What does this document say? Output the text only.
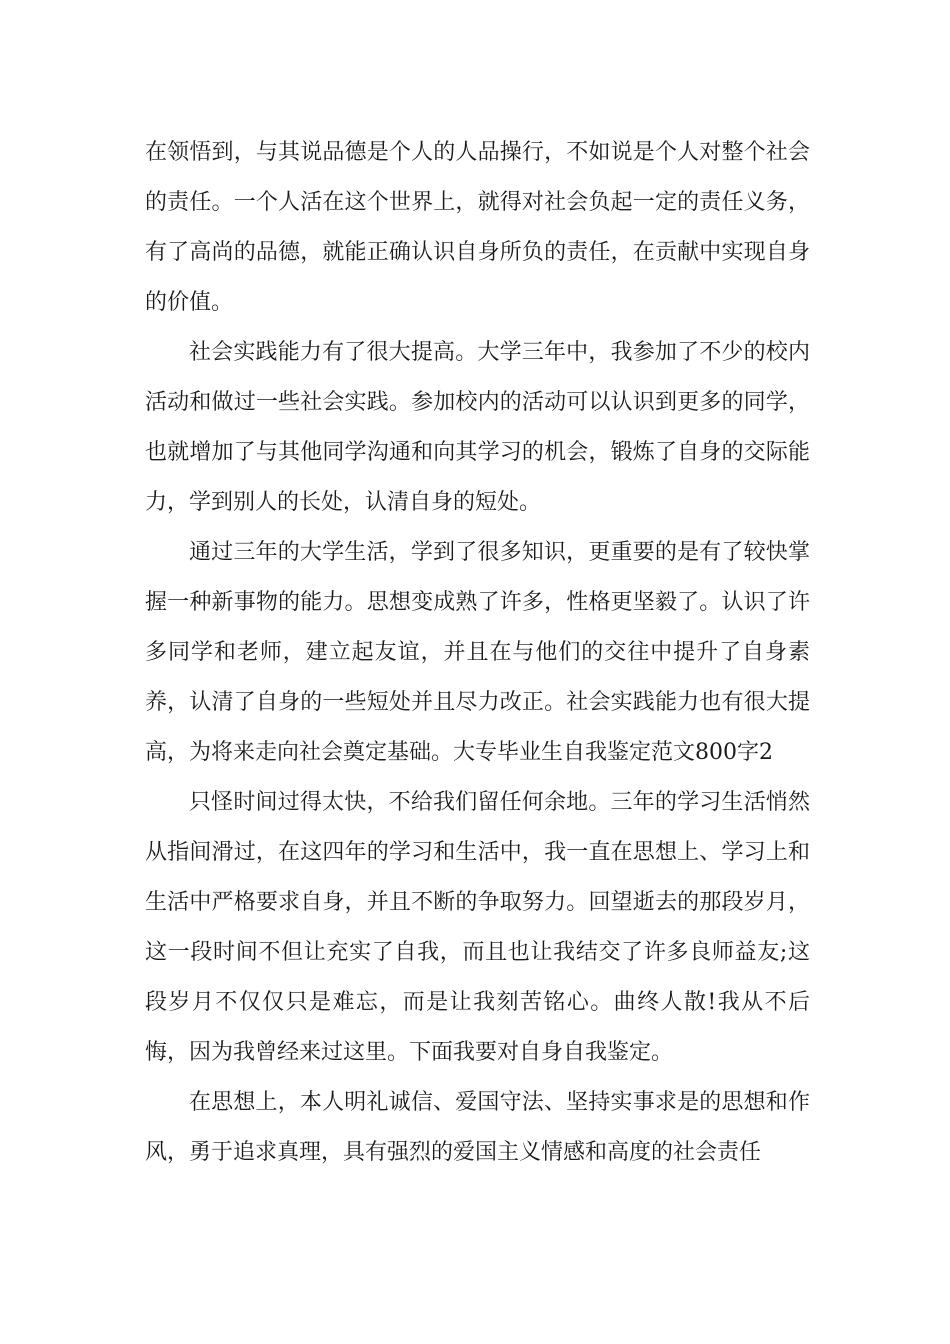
在领悟到，与其说品德是个人的人品操行，不如说是个人对整个社会的责任。一个人活在这个世界上，就得对社会负起一定的责任义务，有了高尚的品德，就能正确认识自身所负的责任，在贡献中实现自身的价值。

社会实践能力有了很大提高。大学三年中，我参加了不少的校内活动和做过一些社会实践。参加校内的活动可以认识到更多的同学，也就增加了与其他同学沟通和向其学习的机会，锻炼了自身的交际能力，学到别人的长处，认清自身的短处。

通过三年的大学生活，学到了很多知识，更重要的是有了较快掌握一种新事物的能力。思想变成熟了许多，性格更坚毅了。认识了许多同学和老师，建立起友谊，并且在与他们的交往中提升了自身素养，认清了自身的一些短处并且尽力改正。社会实践能力也有很大提高，为将来走向社会奠定基础。大专毕业生自我鉴定范文800字2

只怪时间过得太快，不给我们留任何余地。三年的学习生活悄然从指间滑过，在这四年的学习和生活中，我一直在思想上、学习上和生活中严格要求自身，并且不断的争取努力。回望逝去的那段岁月，这一段时间不但让充实了自我，而且也让我结交了许多良师益友;这段岁月不仅仅只是难忘，而是让我刻苦铭心。曲终人散!我从不后悔，因为我曾经来过这里。下面我要对自身自我鉴定。

在思想上，本人明礼诚信、爱国守法、坚持实事求是的思想和作风，勇于追求真理，具有强烈的爱国主义情感和高度的社会责任
